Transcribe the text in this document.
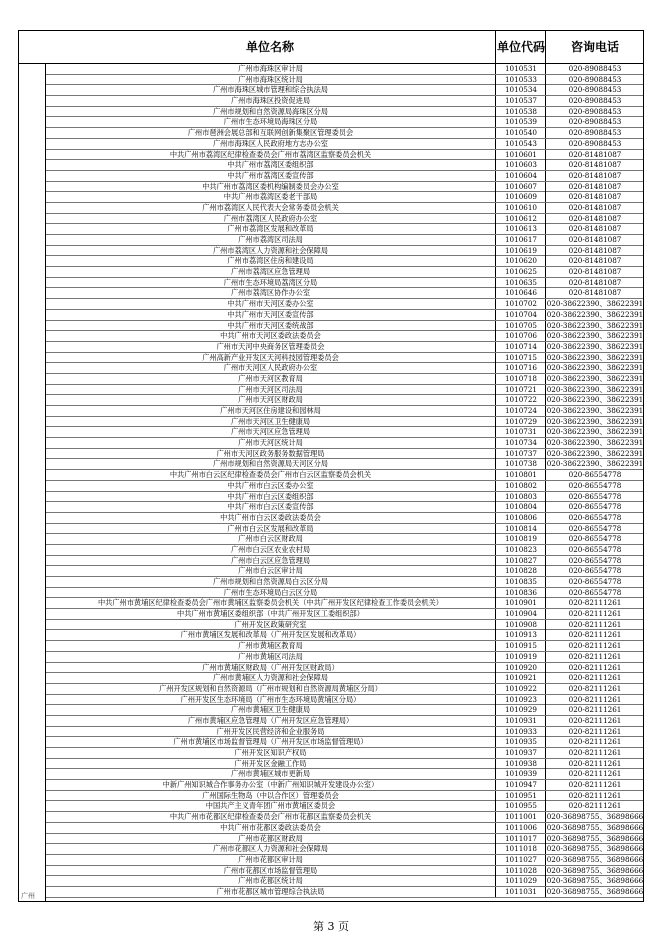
单位名称	单位代码	咨询电话
广州
广州市海珠区审计局	1010531	020-89088453
广州市海珠区统计局	1010533	020-89088453
广州市海珠区城市管理和综合执法局	1010534	020-89088453
广州市海珠区投资促进局	1010537	020-89088453
广州市规划和自然资源局海珠区分局	1010538	020-89088453
广州市生态环境局海珠区分局	1010539	020-89088453
广州市琶洲会展总部和互联网创新集聚区管理委员会	1010540	020-89088453
广州市海珠区人民政府地方志办公室	1010543	020-89088453
中共广州市荔湾区纪律检查委员会广州市荔湾区监察委员会机关	1010601	020-81481087
中共广州市荔湾区委组织部	1010603	020-81481087
中共广州市荔湾区委宣传部	1010604	020-81481087
中共广州市荔湾区委机构编制委员会办公室	1010607	020-81481087
中共广州市荔湾区委老干部局	1010609	020-81481087
广州市荔湾区人民代表大会常务委员会机关	1010610	020-81481087
广州市荔湾区人民政府办公室	1010612	020-81481087
广州市荔湾区发展和改革局	1010613	020-81481087
广州市荔湾区司法局	1010617	020-81481087
广州市荔湾区人力资源和社会保障局	1010619	020-81481087
广州市荔湾区住房和建设局	1010620	020-81481087
广州市荔湾区应急管理局	1010625	020-81481087
广州市生态环境局荔湾区分局	1010635	020-81481087
广州市荔湾区协作办公室	1010646	020-81481087
中共广州市天河区委办公室	1010702	020-38622390、38622391
中共广州市天河区委宣传部	1010704	020-38622390、38622391
中共广州市天河区委统战部	1010705	020-38622390、38622391
中共广州市天河区委政法委员会	1010706	020-38622390、38622391
广州市天河中央商务区管理委员会	1010714	020-38622390、38622391
广州高新产业开发区天河科技园管理委员会	1010715	020-38622390、38622391
广州市天河区人民政府办公室	1010716	020-38622390、38622391
广州市天河区教育局	1010718	020-38622390、38622391
广州市天河区司法局	1010721	020-38622390、38622391
广州市天河区财政局	1010722	020-38622390、38622391
广州市天河区住房建设和园林局	1010724	020-38622390、38622391
广州市天河区卫生健康局	1010729	020-38622390、38622391
广州市天河区应急管理局	1010731	020-38622390、38622391
广州市天河区统计局	1010734	020-38622390、38622391
广州市天河区政务服务数据管理局	1010737	020-38622390、38622391
广州市规划和自然资源局天河区分局	1010738	020-38622390、38622391
中共广州市白云区纪律检查委员会广州市白云区监察委员会机关	1010801	020-86554778
中共广州市白云区委办公室	1010802	020-86554778
中共广州市白云区委组织部	1010803	020-86554778
中共广州市白云区委宣传部	1010804	020-86554778
中共广州市白云区委政法委员会	1010806	020-86554778
广州市白云区发展和改革局	1010814	020-86554778
广州市白云区财政局	1010819	020-86554778
广州市白云区农业农村局	1010823	020-86554778
广州市白云区应急管理局	1010827	020-86554778
广州市白云区审计局	1010828	020-86554778
广州市规划和自然资源局白云区分局	1010835	020-86554778
广州市生态环境局白云区分局	1010836	020-86554778
中共广州市黄埔区纪律检查委员会广州市黄埔区监察委员会机关（中共广州开发区纪律检查工作委员会机关）	1010901	020-82111261
中共广州市黄埔区委组织部（中共广州开发区工委组织部）	1010904	020-82111261
广州开发区政策研究室	1010908	020-82111261
广州市黄埔区发展和改革局（广州开发区发展和改革局）	1010913	020-82111261
广州市黄埔区教育局	1010915	020-82111261
广州市黄埔区司法局	1010919	020-82111261
广州市黄埔区财政局（广州开发区财政局）	1010920	020-82111261
广州市黄埔区人力资源和社会保障局	1010921	020-82111261
广州开发区规划和自然资源局（广州市规划和自然资源局黄埔区分局）	1010922	020-82111261
广州开发区生态环境局（广州市生态环境局黄埔区分局）	1010923	020-82111261
广州市黄埔区卫生健康局	1010929	020-82111261
广州市黄埔区应急管理局（广州开发区应急管理局）	1010931	020-82111261
广州开发区民营经济和企业服务局	1010933	020-82111261
广州市黄埔区市场监督管理局（广州开发区市场监督管理局）	1010935	020-82111261
广州开发区知识产权局	1010937	020-82111261
广州开发区金融工作局	1010938	020-82111261
广州市黄埔区城市更新局	1010939	020-82111261
中新广州知识城合作事务办公室（中新广州知识城开发建设办公室）	1010947	020-82111261
广州国际生物岛（中以合作区）管理委员会	1010951	020-82111261
中国共产主义青年团广州市黄埔区委员会	1010955	020-82111261
中共广州市花都区纪律检查委员会广州市花都区监察委员会机关	1011001	020-36898755、36898666
中共广州市花都区委政法委员会	1011006	020-36898755、36898666
广州市花都区财政局	1011017	020-36898755、36898666
广州市花都区人力资源和社会保障局	1011018	020-36898755、36898666
广州市花都区审计局	1011027	020-36898755、36898666
广州市花都区市场监督管理局	1011028	020-36898755、36898666
广州市花都区统计局	1011029	020-36898755、36898666
广州市花都区城市管理综合执法局	1011031	020-36898755、36898666
第 3 页
